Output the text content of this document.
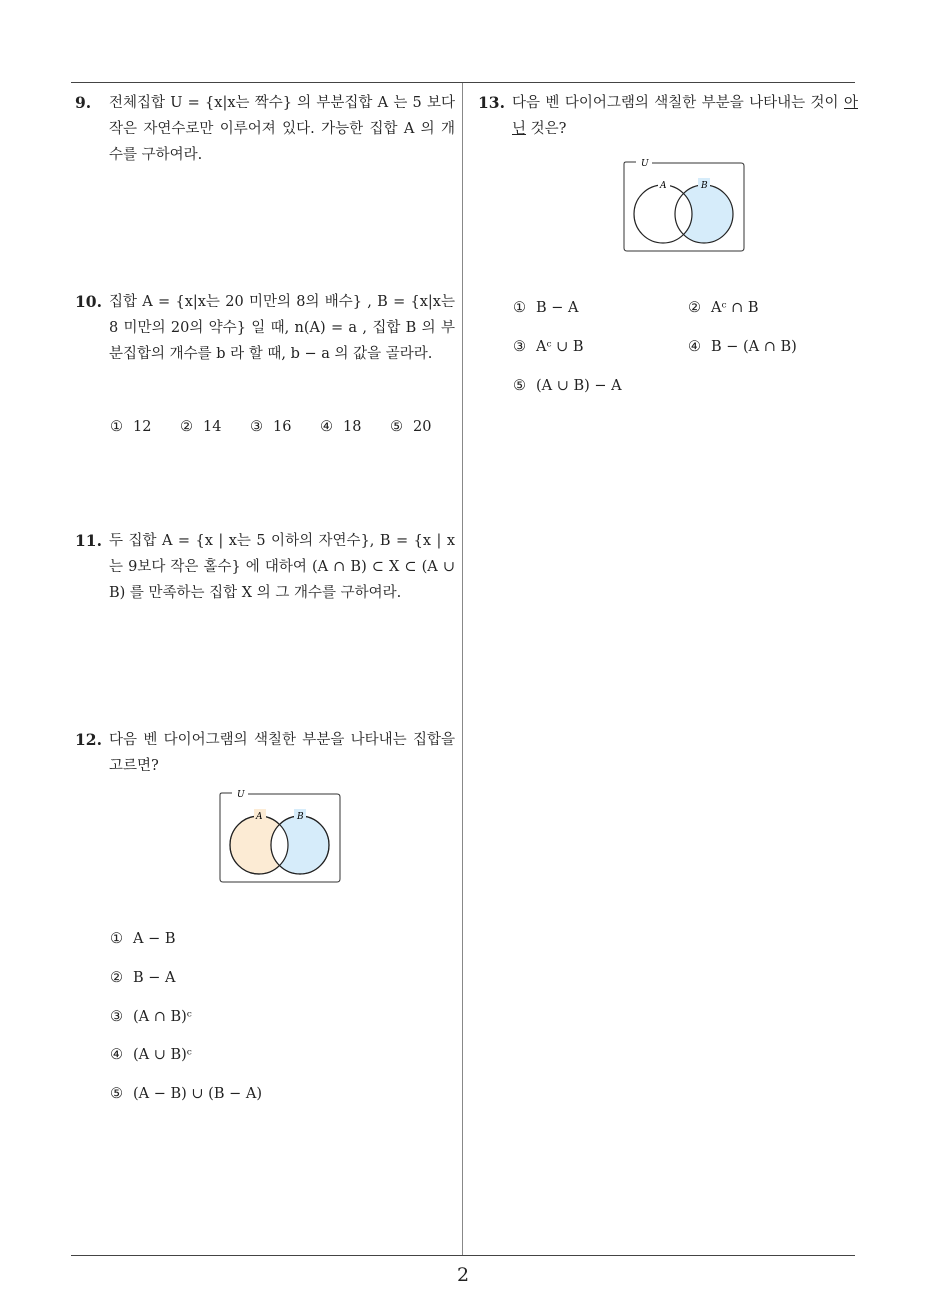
9. 전체집합 U = {x|x는 짝수} 의 부분집합 A 는 5 보다 작은 자연수로만 이루어져 있다. 가능한 집합 A 의 개수를 구하여라.
10. 집합 A = {x|x는 20 미만의 8의 배수} , B = {x|x는 8 미만의 20의 약수} 일 때, n(A) = a , 집합 B 의 부분집합의 개수를 b 라 할 때, b − a 의 값을 골라라.
① 12 ② 14 ③ 16 ④ 18 ⑤ 20
11. 두 집합 A = {x | x는 5 이하의 자연수}, B = {x | x는 9보다 작은 홀수} 에 대하여 (A ∩ B) ⊂ X ⊂ (A ∪ B) 를 만족하는 집합 X 의 그 개수를 구하여라.
12. 다음 벤 다이어그램의 색칠한 부분을 나타내는 집합을 고르면?
U
A	B
① A − B
② B − A
③ (A ∩ B)ᶜ
④ (A ∪ B)ᶜ
⑤ (A − B) ∪ (B − A)
13. 다음 벤 다이어그램의 색칠한 부분을 나타내는 것이 아닌 것은?
U
A	B
① B − A	② Aᶜ ∩ B
③ Aᶜ ∪ B	④ B − (A ∩ B)
⑤ (A ∪ B) − A
2
